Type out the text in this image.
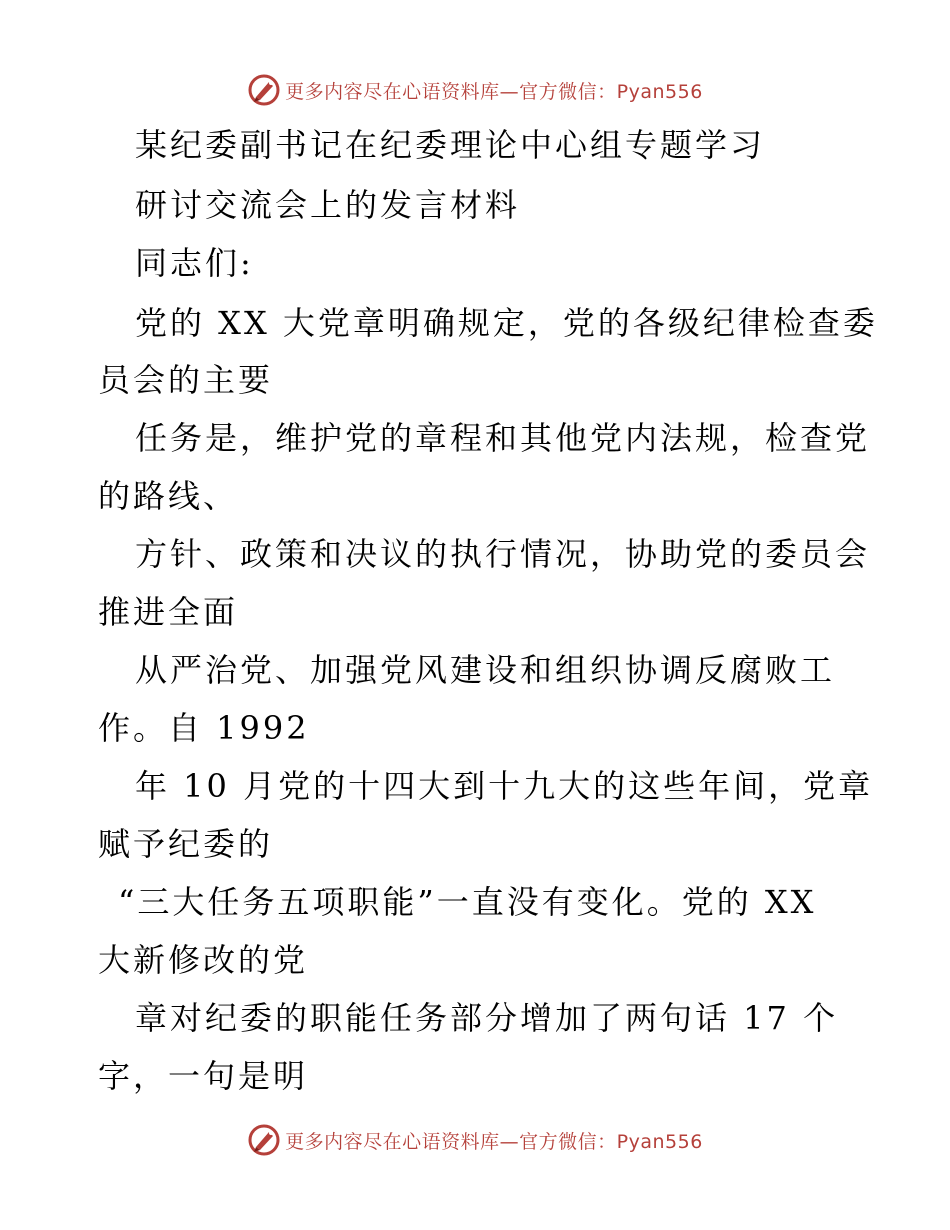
更多内容尽在心语资料库—官方微信：Pyan556
某纪委副书记在纪委理论中心组专题学习
研讨交流会上的发言材料
同志们:
党的 XX 大党章明确规定，党的各级纪律检查委
员会的主要
任务是，维护党的章程和其他党内法规，检查党
的路线、
方针、政策和决议的执行情况，协助党的委员会
推进全面
从严治党、加强党风建设和组织协调反腐败工
作。自 1992
年 10 月党的十四大到十九大的这些年间，党章
赋予纪委的
“三大任务五项职能”一直没有变化。党的 XX
大新修改的党
章对纪委的职能任务部分增加了两句话 17 个
字，一句是明
更多内容尽在心语资料库—官方微信：Pyan556
